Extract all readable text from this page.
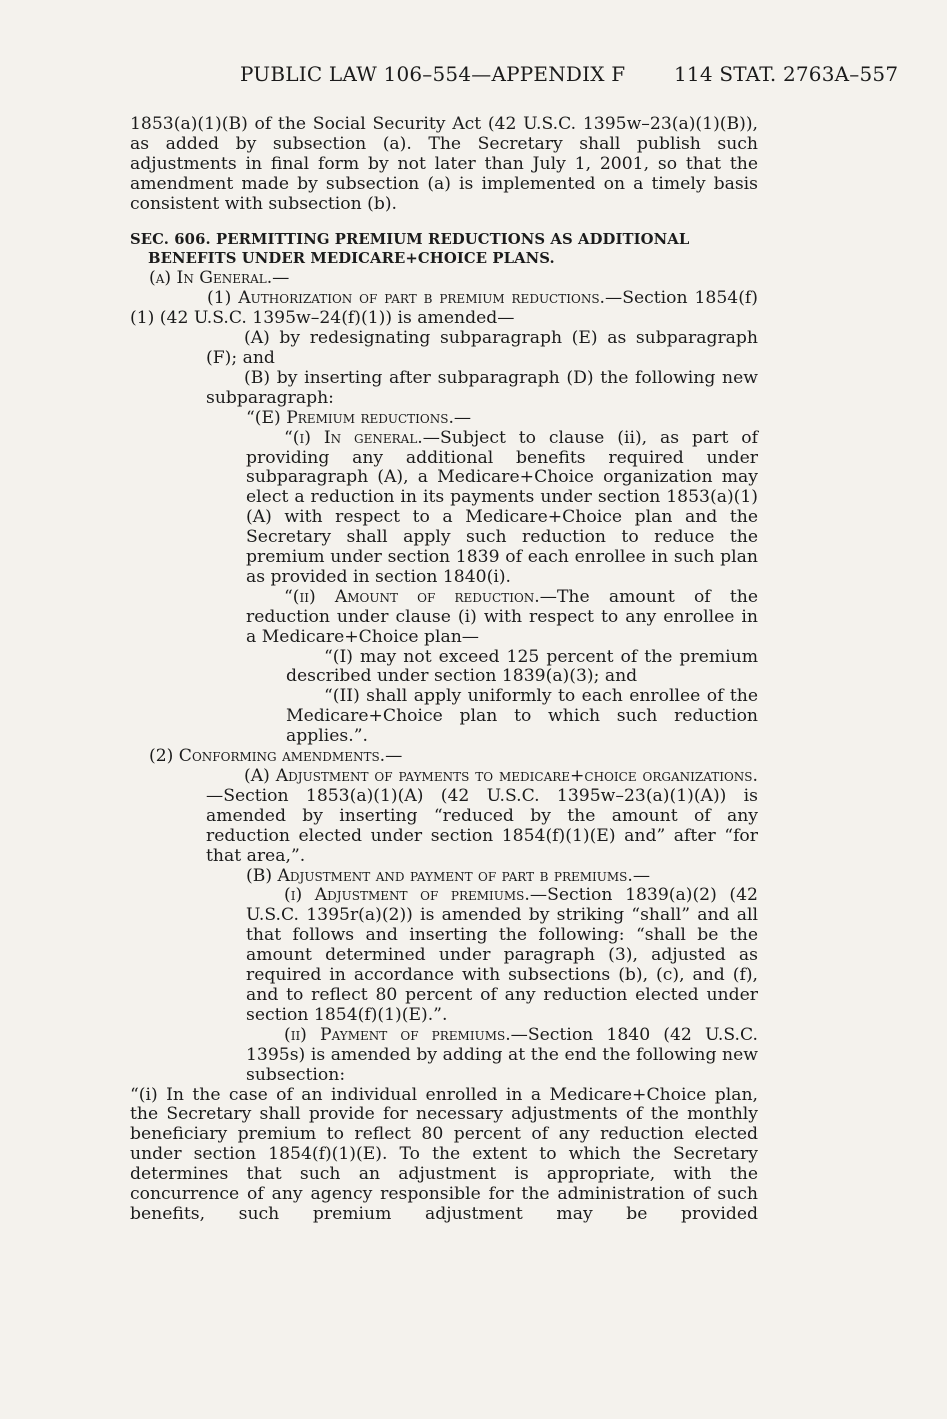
PUBLIC LAW 106–554—APPENDIX F 114 STAT. 2763A–557

1853(a)(1)(B) of the Social Security Act (42 U.S.C. 1395w–23(a)(1)(B)), as added by subsection (a). The Secretary shall publish such adjustments in final form by not later than July 1, 2001, so that the amendment made by subsection (a) is implemented on a timely basis consistent with subsection (b).

SEC. 606. PERMITTING PREMIUM REDUCTIONS AS ADDITIONAL BENEFITS UNDER MEDICARE+CHOICE PLANS.

(a) In General.—

(1) Authorization of part b premium reductions.—Section 1854(f)(1) (42 U.S.C. 1395w–24(f)(1)) is amended—

(A) by redesignating subparagraph (E) as subparagraph (F); and

(B) by inserting after subparagraph (D) the following new subparagraph:

“(E) Premium reductions.—

“(i) In general.—Subject to clause (ii), as part of providing any additional benefits required under subparagraph (A), a Medicare+Choice organization may elect a reduction in its payments under section 1853(a)(1)(A) with respect to a Medicare+Choice plan and the Secretary shall apply such reduction to reduce the premium under section 1839 of each enrollee in such plan as provided in section 1840(i).

“(ii) Amount of reduction.—The amount of the reduction under clause (i) with respect to any enrollee in a Medicare+Choice plan—

“(I) may not exceed 125 percent of the premium described under section 1839(a)(3); and

“(II) shall apply uniformly to each enrollee of the Medicare+Choice plan to which such reduction applies.”.

(2) Conforming amendments.—

(A) Adjustment of payments to medicare+choice organizations.—Section 1853(a)(1)(A) (42 U.S.C. 1395w–23(a)(1)(A)) is amended by inserting “reduced by the amount of any reduction elected under section 1854(f)(1)(E) and” after “for that area,”.

(B) Adjustment and payment of part b premiums.—

(i) Adjustment of premiums.—Section 1839(a)(2) (42 U.S.C. 1395r(a)(2)) is amended by striking “shall” and all that follows and inserting the following: “shall be the amount determined under paragraph (3), adjusted as required in accordance with subsections (b), (c), and (f), and to reflect 80 percent of any reduction elected under section 1854(f)(1)(E).”.

(ii) Payment of premiums.—Section 1840 (42 U.S.C. 1395s) is amended by adding at the end the following new subsection:

“(i) In the case of an individual enrolled in a Medicare+Choice plan, the Secretary shall provide for necessary adjustments of the monthly beneficiary premium to reflect 80 percent of any reduction elected under section 1854(f)(1)(E). To the extent to which the Secretary determines that such an adjustment is appropriate, with the concurrence of any agency responsible for the administration of such benefits, such premium adjustment may be provided
